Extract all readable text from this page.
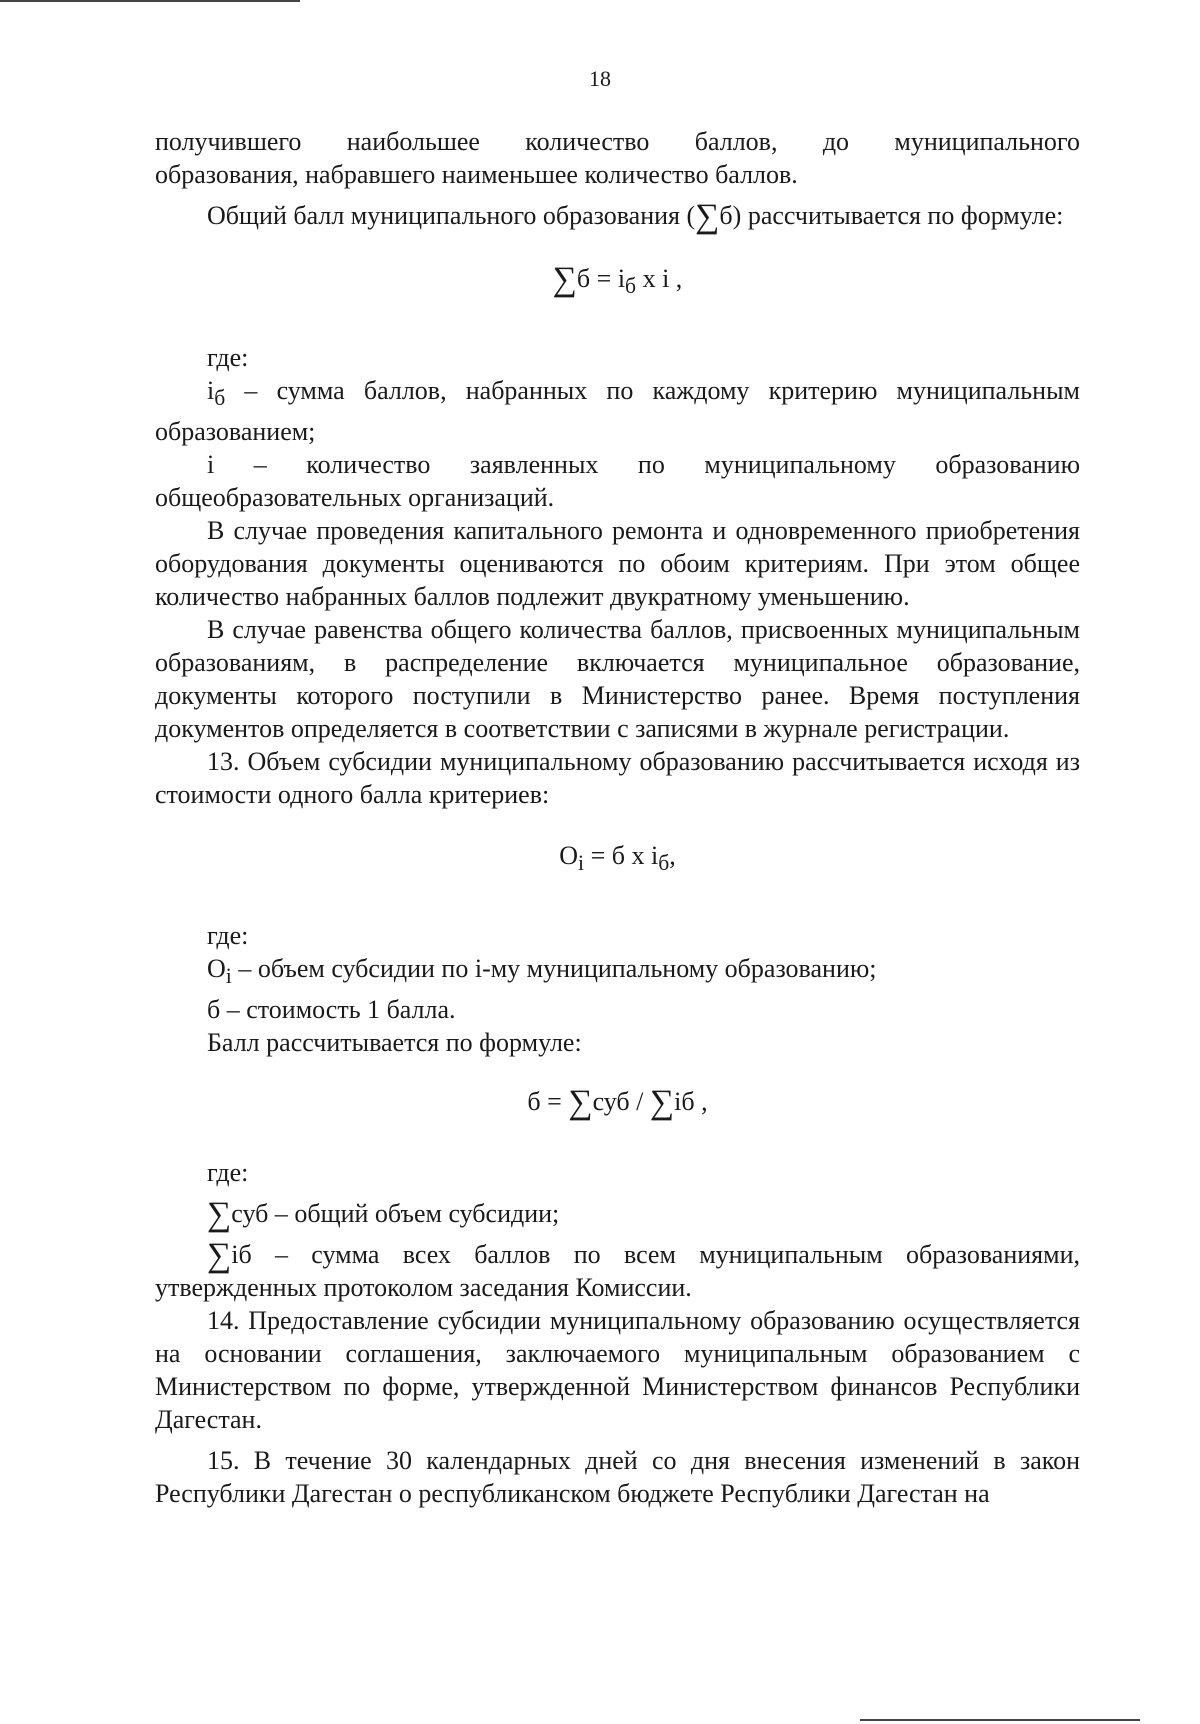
18

получившего наибольшее количество баллов, до муниципального

образования, набравшего наименьшее количество баллов.

Общий балл муниципального образования (∑б) рассчитывается по формуле:

$\sum б = i_б$ х i ,

где:

$i_б$ – сумма баллов, набранных по каждому критерию муниципальным образованием;

i – количество заявленных по муниципальному образованию общеобразовательных организаций.

В случае проведения капитального ремонта и одновременного приобретения оборудования документы оцениваются по обоим критериям. При этом общее количество набранных баллов подлежит двукратному уменьшению.

В случае равенства общего количества баллов, присвоенных муниципальным образованиям, в распределение включается муниципальное образование, документы которого поступили в Министерство ранее. Время поступления документов определяется в соответствии с записями в журнале регистрации.

13. Объем субсидии муниципальному образованию рассчитывается исходя из стоимости одного балла критериев:

$O_i = б$ х $i_б$,

где:

$O_i$ – объем субсидии по i-му муниципальному образованию;

б – стоимость 1 балла.

Балл рассчитывается по формуле:

б = ∑суб / ∑iб ,

где:

∑суб – общий объем субсидии;

∑iб – сумма всех баллов по всем муниципальным образованиями, утвержденных протоколом заседания Комиссии.

14. Предоставление субсидии муниципальному образованию осуществляется на основании соглашения, заключаемого муниципальным образованием с Министерством по форме, утвержденной Министерством финансов Республики Дагестан.

15. В течение 30 календарных дней со дня внесения изменений в закон Республики Дагестан о республиканском бюджете Республики Дагестан на
